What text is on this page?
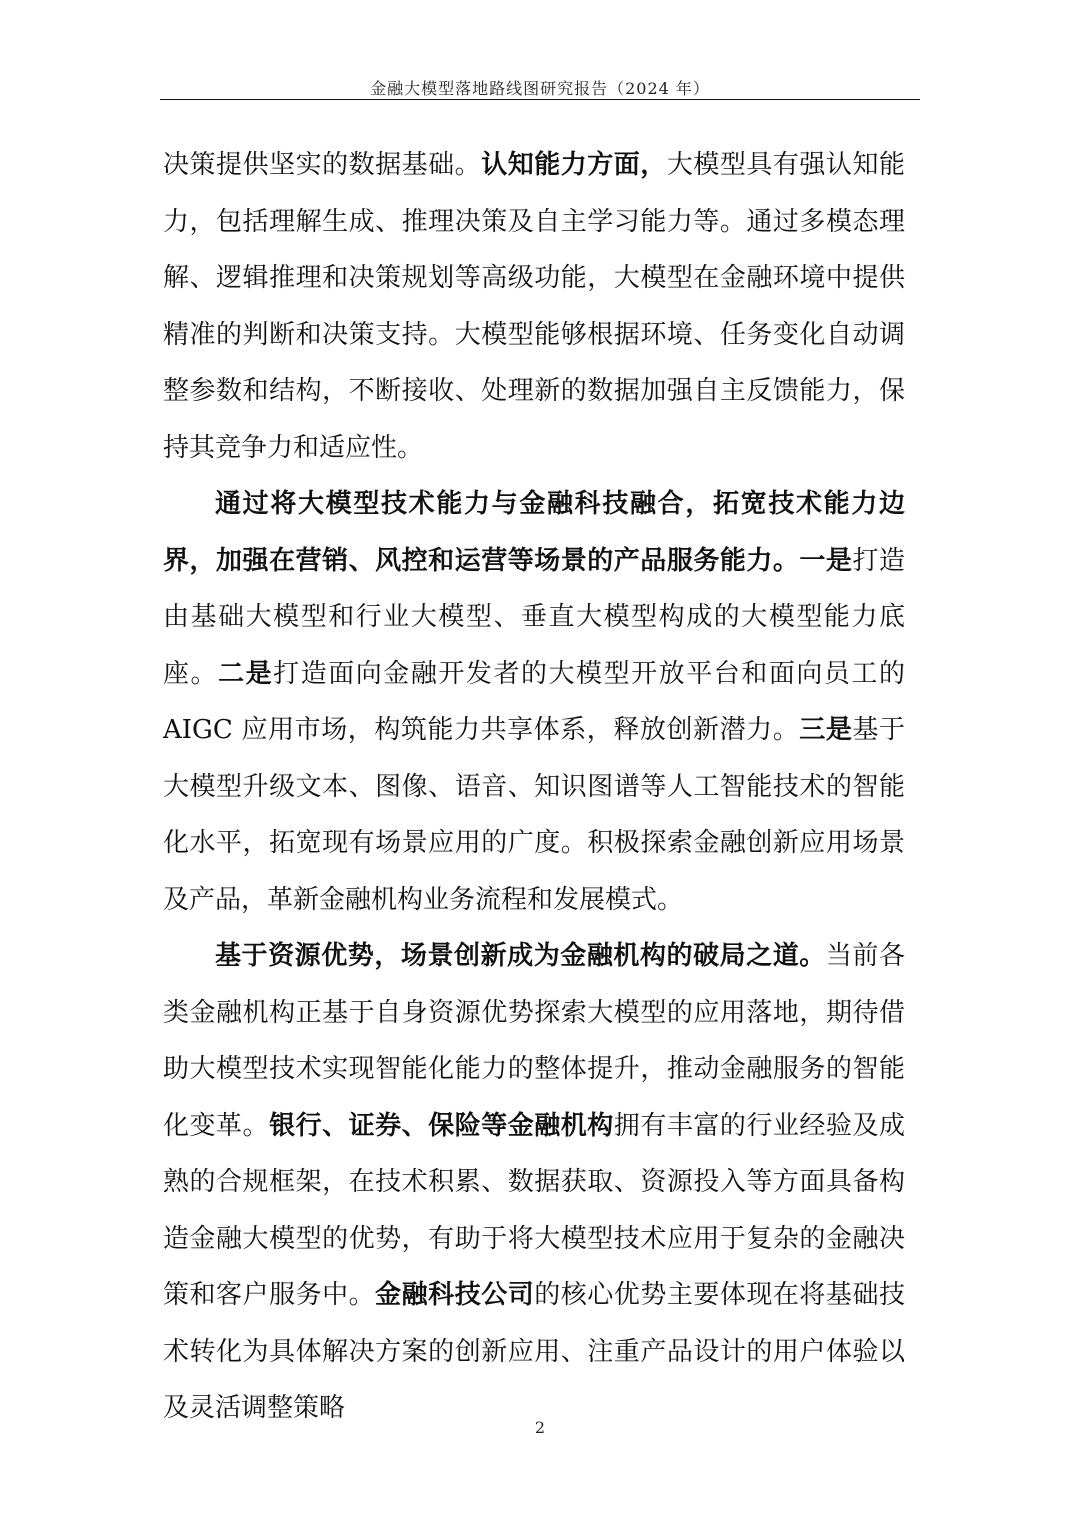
金融大模型落地路线图研究报告（2024 年）

决策提供坚实的数据基础。认知能力方面，大模型具有强认知能力，包括理解生成、推理决策及自主学习能力等。通过多模态理解、逻辑推理和决策规划等高级功能，大模型在金融环境中提供精准的判断和决策支持。大模型能够根据环境、任务变化自动调整参数和结构，不断接收、处理新的数据加强自主反馈能力，保持其竞争力和适应性。

通过将大模型技术能力与金融科技融合，拓宽技术能力边界，加强在营销、风控和运营等场景的产品服务能力。一是打造由基础大模型和行业大模型、垂直大模型构成的大模型能力底座。二是打造面向金融开发者的大模型开放平台和面向员工的 AIGC 应用市场，构筑能力共享体系，释放创新潜力。三是基于大模型升级文本、图像、语音、知识图谱等人工智能技术的智能化水平，拓宽现有场景应用的广度。积极探索金融创新应用场景及产品，革新金融机构业务流程和发展模式。

基于资源优势，场景创新成为金融机构的破局之道。当前各类金融机构正基于自身资源优势探索大模型的应用落地，期待借助大模型技术实现智能化能力的整体提升，推动金融服务的智能化变革。银行、证券、保险等金融机构拥有丰富的行业经验及成熟的合规框架，在技术积累、数据获取、资源投入等方面具备构造金融大模型的优势，有助于将大模型技术应用于复杂的金融决策和客户服务中。金融科技公司的核心优势主要体现在将基础技术转化为具体解决方案的创新应用、注重产品设计的用户体验以及灵活调整策略

2
